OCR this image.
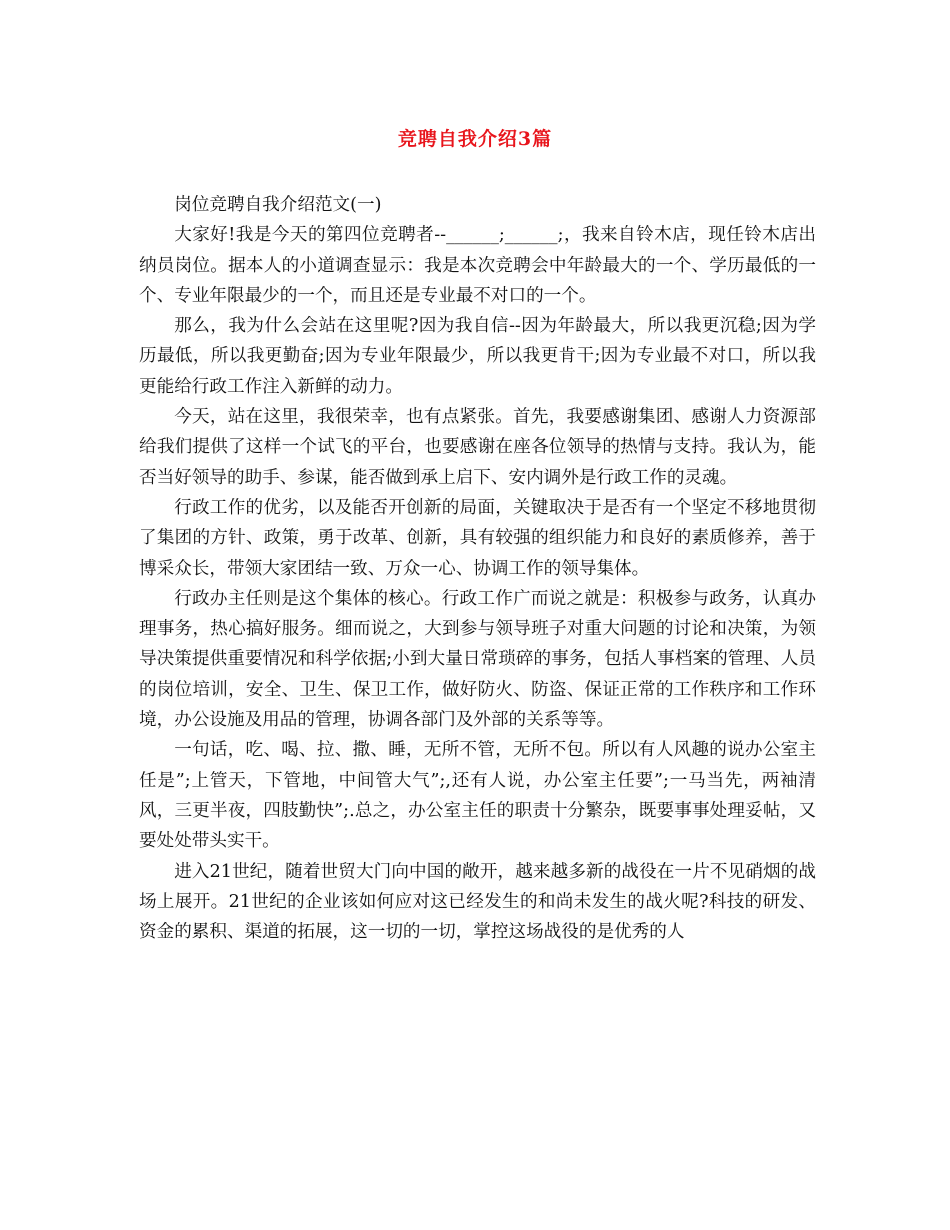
竞聘自我介绍3篇

岗位竞聘自我介绍范文(一)

大家好!我是今天的第四位竞聘者--______;______;，我来自铃木店，现任铃木店出纳员岗位。据本人的小道调查显示：我是本次竞聘会中年龄最大的一个、学历最低的一个、专业年限最少的一个，而且还是专业最不对口的一个。

那么，我为什么会站在这里呢?因为我自信--因为年龄最大，所以我更沉稳;因为学历最低，所以我更勤奋;因为专业年限最少，所以我更肯干;因为专业最不对口，所以我更能给行政工作注入新鲜的动力。

今天，站在这里，我很荣幸，也有点紧张。首先，我要感谢集团、感谢人力资源部给我们提供了这样一个试飞的平台，也要感谢在座各位领导的热情与支持。我认为，能否当好领导的助手、参谋，能否做到承上启下、安内调外是行政工作的灵魂。

行政工作的优劣，以及能否开创新的局面，关键取决于是否有一个坚定不移地贯彻了集团的方针、政策，勇于改革、创新，具有较强的组织能力和良好的素质修养，善于博采众长，带领大家团结一致、万众一心、协调工作的领导集体。

行政办主任则是这个集体的核心。行政工作广而说之就是：积极参与政务，认真办理事务，热心搞好服务。细而说之，大到参与领导班子对重大问题的讨论和决策，为领导决策提供重要情况和科学依据;小到大量日常琐碎的事务，包括人事档案的管理、人员的岗位培训，安全、卫生、保卫工作，做好防火、防盗、保证正常的工作秩序和工作环境，办公设施及用品的管理，协调各部门及外部的关系等等。

一句话，吃、喝、拉、撒、睡，无所不管，无所不包。所以有人风趣的说办公室主任是”;上管天，下管地，中间管大气”;,还有人说，办公室主任要”;一马当先，两袖清风，三更半夜，四肢勤快”;.总之，办公室主任的职责十分繁杂，既要事事处理妥帖，又要处处带头实干。

进入21世纪，随着世贸大门向中国的敞开，越来越多新的战役在一片不见硝烟的战场上展开。21世纪的企业该如何应对这已经发生的和尚未发生的战火呢?科技的研发、资金的累积、渠道的拓展，这一切的一切，掌控这场战役的是优秀的人
